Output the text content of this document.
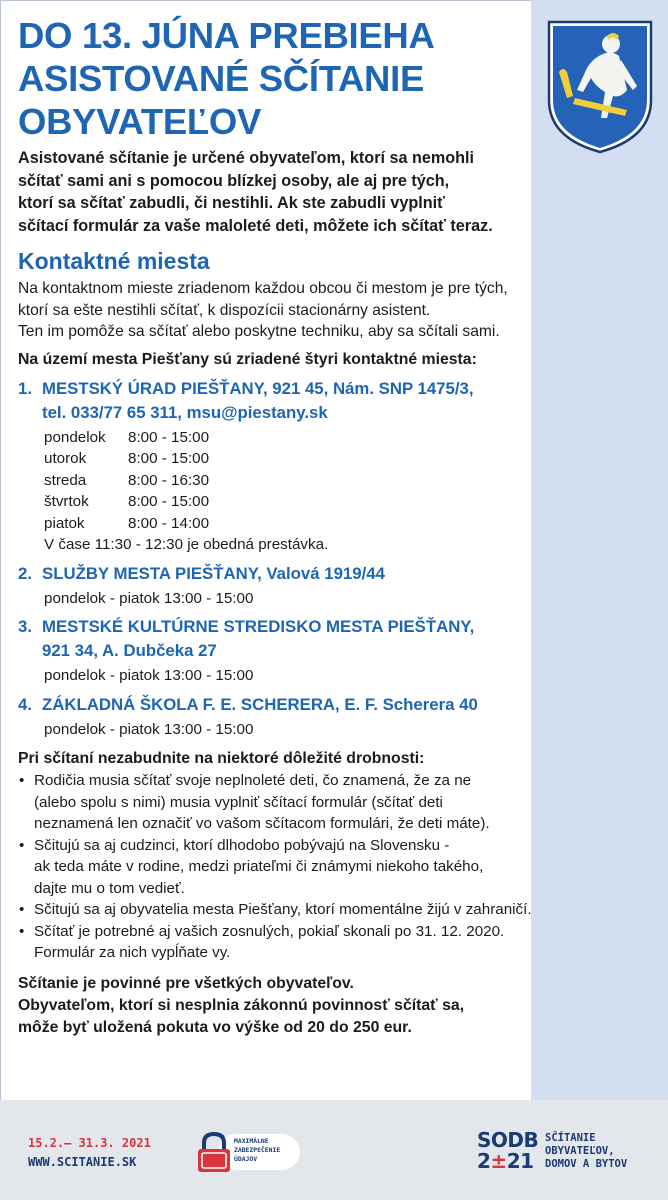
DO 13. JÚNA PREBIEHA
ASISTOVANÉ SČÍTANIE
OBYVATEĽOV
Asistované sčítanie je určené obyvateľom, ktorí sa nemohli
sčítať sami ani s pomocou blízkej osoby, ale aj pre tých,
ktorí sa sčítať zabudli, či nestihli. Ak ste zabudli vyplniť
sčítací formulár za vaše maloleté deti, môžete ich sčítať teraz.
Kontaktné miesta
Na kontaktnom mieste zriadenom každou obcou či mestom je pre tých,
ktorí sa ešte nestihli sčítať, k dispozícii stacionárny asistent.
Ten im pomôže sa sčítať alebo poskytne techniku, aby sa sčítali sami.
Na území mesta Piešťany sú zriadené štyri kontaktné miesta:
1. MESTSKÝ ÚRAD PIEŠŤANY, 921 45, Nám. SNP 1475/3,
tel. 033/77 65 311, msu@piestany.sk
pondelok	8:00 - 15:00
utorok	8:00 - 15:00
streda	8:00 - 16:30
štvrtok	8:00 - 15:00
piatok	8:00 - 14:00
V čase 11:30 - 12:30 je obedná prestávka.
2. SLUŽBY MESTA PIEŠŤANY, Valová 1919/44
pondelok - piatok 13:00 - 15:00
3. MESTSKÉ KULTÚRNE STREDISKO MESTA PIEŠŤANY,
921 34, A. Dubčeka 27
pondelok - piatok 13:00 - 15:00
4. ZÁKLADNÁ ŠKOLA F. E. SCHERERA, E. F. Scherera 40
pondelok - piatok 13:00 - 15:00
Pri sčítaní nezabudnite na niektoré dôležité drobnosti:
• Rodičia musia sčítať svoje neplnoleté deti, čo znamená, že za ne
(alebo spolu s nimi) musia vyplniť sčítací formulár (sčítať deti
neznamená len označiť vo vašom sčítacom formulári, že deti máte).
• Sčitujú sa aj cudzinci, ktorí dlhodobo pobývajú na Slovensku -
ak teda máte v rodine, medzi priateľmi či známymi niekoho takého,
dajte mu o tom vedieť.
• Sčitujú sa aj obyvatelia mesta Piešťany, ktorí momentálne žijú v zahraničí.
• Sčítať je potrebné aj vašich zosnulých, pokiaľ skonali po 31. 12. 2020.
Formulár za nich vypĺňate vy.
Sčítanie je povinné pre všetkých obyvateľov.
Obyvateľom, ktorí si nesplnia zákonnú povinnosť sčítať sa,
môže byť uložená pokuta vo výške od 20 do 250 eur.
15.2.– 31.3. 2021
WWW.SCITANIE.SK
MAXIMÁLNE
ZABEZPEČENIE
ÚDAJOV
SODB
2±21
SČÍTANIE
OBYVATEĽOV,
DOMOV A BYTOV
